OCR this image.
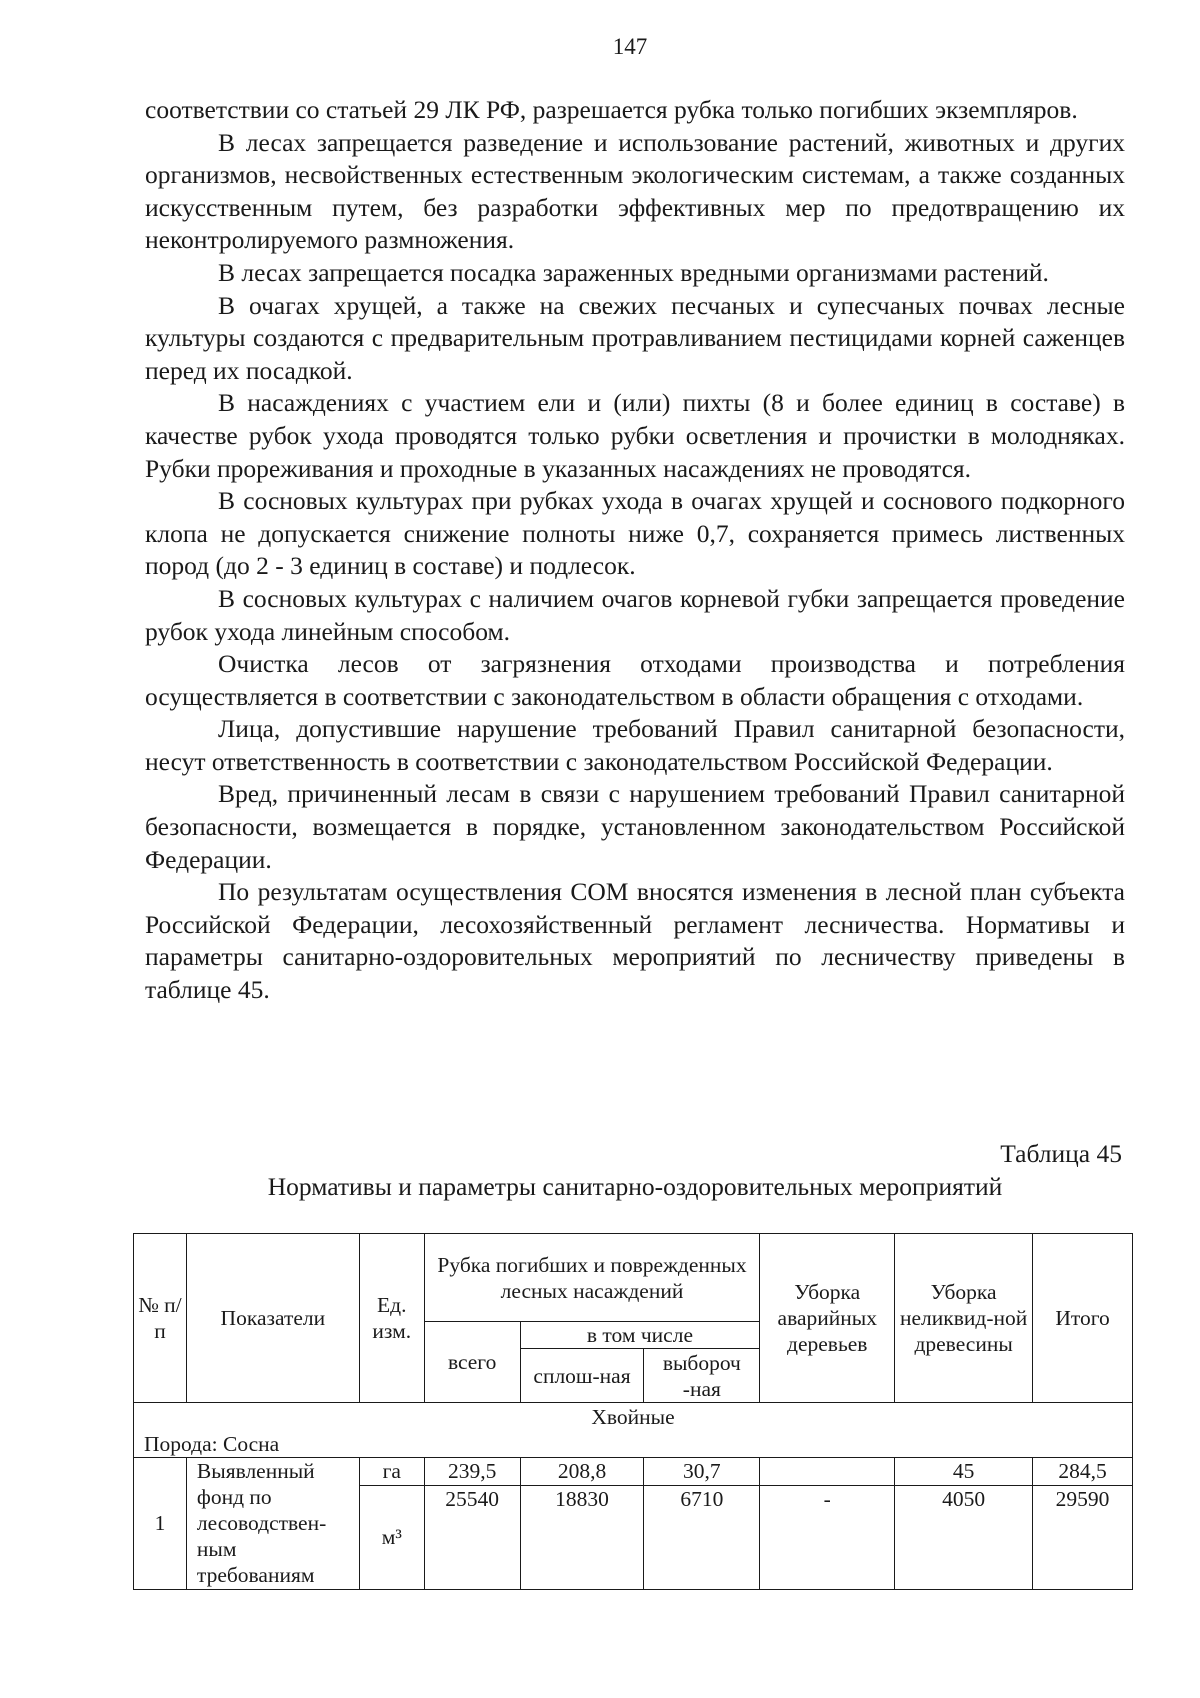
147

соответствии со статьей 29 ЛК РФ, разрешается рубка только погибших экземпляров.

В лесах запрещается разведение и использование растений, животных и других организмов, несвойственных естественным экологическим системам, а также созданных искусственным путем, без разработки эффективных мер по предотвращению их неконтролируемого размножения.

В лесах запрещается посадка зараженных вредными организмами растений.

В очагах хрущей, а также на свежих песчаных и супесчаных почвах лесные культуры создаются с предварительным протравливанием пестицидами корней саженцев перед их посадкой.

В насаждениях с участием ели и (или) пихты (8 и более единиц в составе) в качестве рубок ухода проводятся только рубки осветления и прочистки в молодняках. Рубки прореживания и проходные в указанных насаждениях не проводятся.

В сосновых культурах при рубках ухода в очагах хрущей и соснового подкорного клопа не допускается снижение полноты ниже 0,7, сохраняется примесь лиственных пород (до 2 - 3 единиц в составе) и подлесок.

В сосновых культурах с наличием очагов корневой губки запрещается проведение рубок ухода линейным способом.

Очистка лесов от загрязнения отходами производства и потребления осуществляется в соответствии с законодательством в области обращения с отходами.

Лица, допустившие нарушение требований Правил санитарной безопасности, несут ответственность в соответствии с законодательством Российской Федерации.

Вред, причиненный лесам в связи с нарушением требований Правил санитарной безопасности, возмещается в порядке, установленном законодательством Российской Федерации.

По результатам осуществления СОМ вносятся изменения в лесной план субъекта Российской Федерации, лесохозяйственный регламент лесничества. Нормативы и параметры санитарно-оздоровительных мероприятий по лесничеству приведены в таблице 45.

Таблица 45
Нормативы и параметры санитарно-оздоровительных мероприятий
№ п/ п	Показатели	Ед. изм.	Рубка погибших и поврежденных лесных насаждений			Уборка аварийных деревьев	Уборка неликвид-ной древесины	Итого
			всего	в том числе				
				сплош-ная	выбороч -ная			
Хвойные								
Порода: Сосна								
1	Выявленный фонд по лесоводствен-ным требованиям	га	239,5	208,8	30,7		45	284,5
		м³	25540	18830	6710	-	4050	29590
